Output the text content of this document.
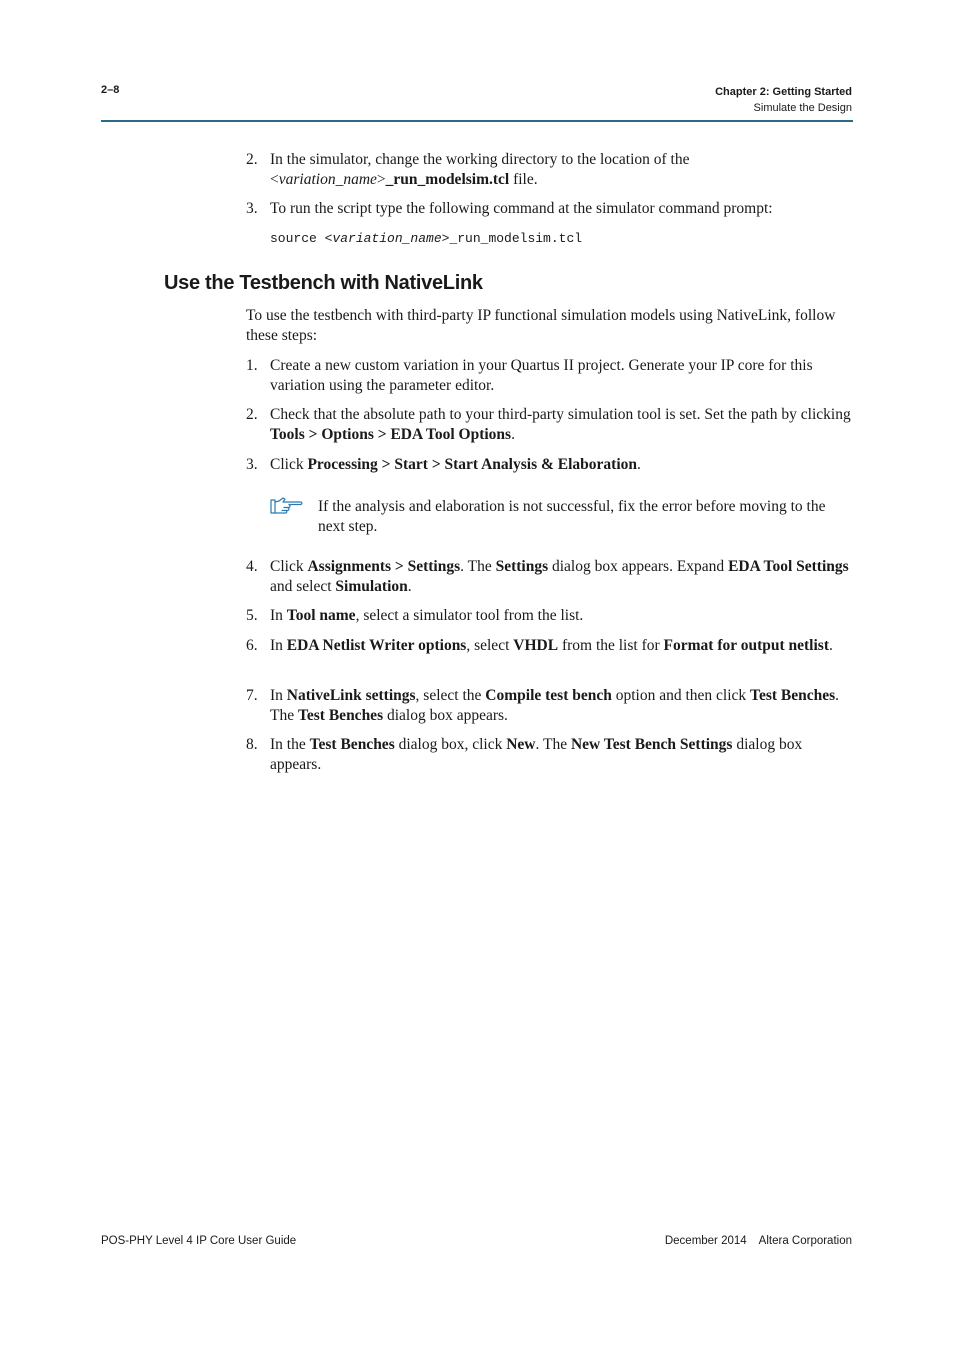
2–8	Chapter 2: Getting Started
Simulate the Design
2. In the simulator, change the working directory to the location of the
<variation_name>_run_modelsim.tcl file.
3. To run the script type the following command at the simulator command prompt:
source <variation_name>_run_modelsim.tcl
Use the Testbench with NativeLink
To use the testbench with third-party IP functional simulation models using NativeLink, follow these steps:
1. Create a new custom variation in your Quartus II project. Generate your IP core for this variation using the parameter editor.
2. Check that the absolute path to your third-party simulation tool is set. Set the path by clicking Tools > Options > EDA Tool Options.
3. Click Processing > Start > Start Analysis & Elaboration.
If the analysis and elaboration is not successful, fix the error before moving to the next step.
4. Click Assignments > Settings. The Settings dialog box appears. Expand EDA Tool Settings and select Simulation.
5. In Tool name, select a simulator tool from the list.
6. In EDA Netlist Writer options, select VHDL from the list for Format for output netlist.
7. In NativeLink settings, select the Compile test bench option and then click Test Benches. The Test Benches dialog box appears.
8. In the Test Benches dialog box, click New. The New Test Bench Settings dialog box appears.
POS-PHY Level 4 IP Core User Guide	December 2014 Altera Corporation
